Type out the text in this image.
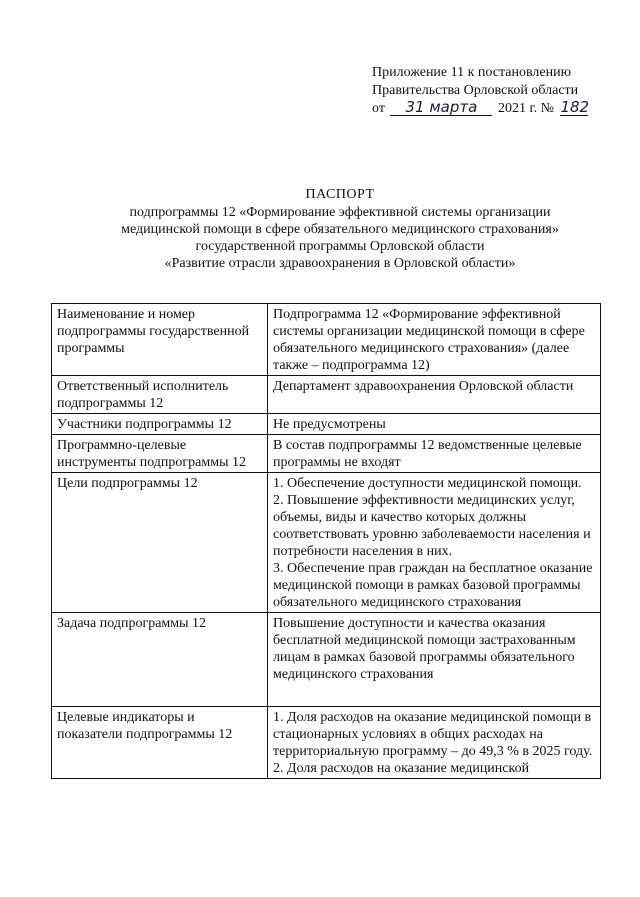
Приложение 11 к постановлению
Правительства Орловской области
от 31 марта 2021 г. № 182
ПАСПОРТ
подпрограммы 12 «Формирование эффективной системы организации
медицинской помощи в сфере обязательного медицинского страхования»
государственной программы Орловской области
«Развитие отрасли здравоохранения в Орловской области»
Наименование и номер подпрограммы государственной программы	Подпрограмма 12 «Формирование эффективной системы организации медицинской помощи в сфере обязательного медицинского страхования» (далее также – подпрограмма 12)

Ответственный исполнитель подпрограммы 12	Департамент здравоохранения Орловской области

Участники подпрограммы 12	Не предусмотрены

Программно-целевые инструменты подпрограммы 12	В состав подпрограммы 12 ведомственные целевые программы не входят

Цели подпрограммы 12	1. Обеспечение доступности медицинской помощи.
2. Повышение эффективности медицинских услуг, объемы, виды и качество которых должны соответствовать уровню заболеваемости населения и потребности населения в них.
3. Обеспечение прав граждан на бесплатное оказание медицинской помощи в рамках базовой программы обязательного медицинского страхования

Задача подпрограммы 12	Повышение доступности и качества оказания бесплатной медицинской помощи застрахованным лицам в рамках базовой программы обязательного медицинского страхования

Целевые индикаторы и показатели подпрограммы 12	1. Доля расходов на оказание медицинской помощи в стационарных условиях в общих расходах на территориальную программу – до 49,3 % в 2025 году.
2. Доля расходов на оказание медицинской
